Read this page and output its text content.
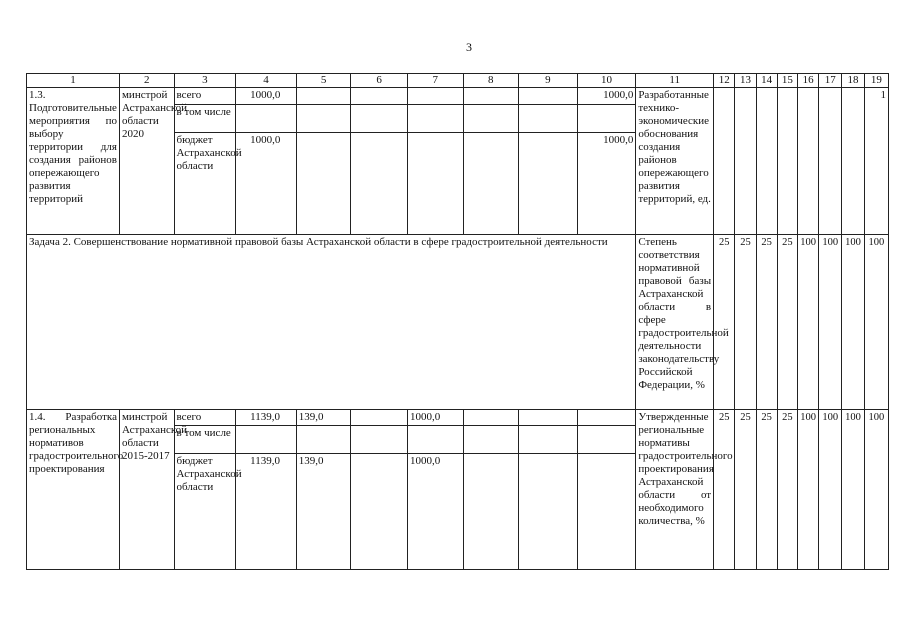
3
1	2	3	4	5	6	7	8	9	10	11	12	13	14	15	16	17	18	19
1.3. Подготовительные мероприятия по выбору территории для создания районов опережающего развития территорий	минстрой Астраханской области 2020	всего	1000,0						1000,0	Разработанные технико-экономические обоснования создания районов опережающего развития территорий, ед.								1
		в том числе																
		бюджет Астраханской области	1000,0						1000,0									
Задача 2. Совершенствование нормативной правовой базы Астраханской области в сфере градостроительной деятельности										Степень соответствия нормативной правовой базы Астраханской области в сфере градостроительной деятельности законодательству Российской Федерации, %	25	25	25	25	100	100	100	100
1.4. Разработка региональных нормативов градостроительного проектирования	минстрой Астраханской области 2015-2017	всего	1139,0	139,0		1000,0				Утвержденные региональные нормативы градостроительного проектирования Астраханской области от необходимого количества, %	25	25	25	25	100	100	100	100
		в том числе																
		бюджет Астраханской области	1139,0	139,0		1000,0												
